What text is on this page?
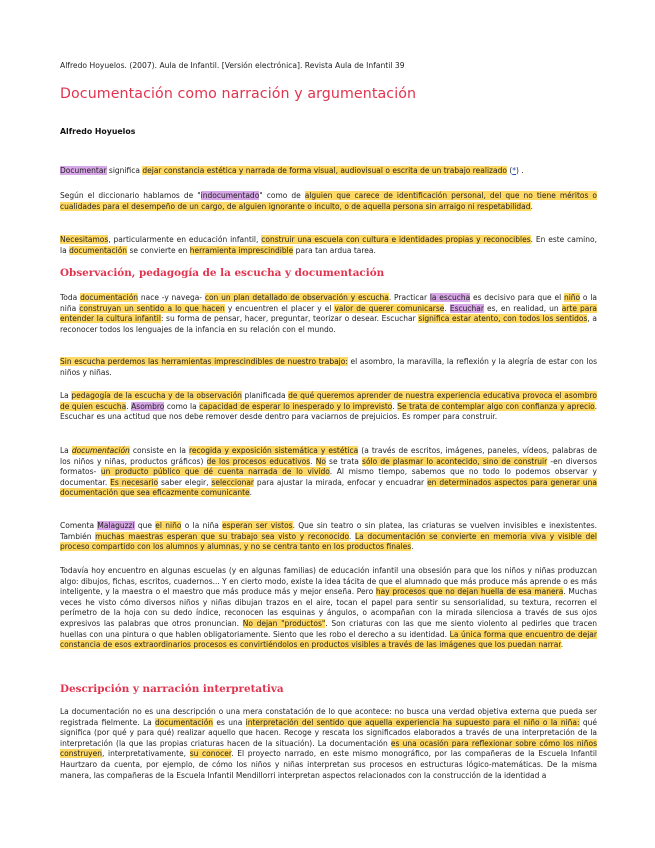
Alfredo Hoyuelos. (2007). Aula de Infantil. [Versión electrónica]. Revista Aula de Infantil 39
Documentación como narración y argumentación
Alfredo Hoyuelos

Documentar significa dejar constancia estética y narrada de forma visual, audiovisual o escrita de un trabajo realizado (*) .

Según el diccionario hablamos de "indocumentado" como de alguien que carece de identificación personal, del que no tiene méritos o cualidades para el desempeño de un cargo, de alguien ignorante o inculto, o de aquella persona sin arraigo ni respetabilidad.

Necesitamos, particularmente en educación infantil, construir una escuela con cultura e identidades propias y reconocibles. En este camino, la documentación se convierte en herramienta imprescindible para tan ardua tarea.

Observación, pedagogía de la escucha y documentación

Toda documentación nace -y navega- con un plan detallado de observación y escucha. Practicar la escucha es decisivo para que el niño o la niña construyan un sentido a lo que hacen y encuentren el placer y el valor de querer comunicarse. Escuchar es, en realidad, un arte para entender la cultura infantil: su forma de pensar, hacer, preguntar, teorizar o desear. Escuchar significa estar atento, con todos los sentidos, a reconocer todos los lenguajes de la infancia en su relación con el mundo.

Sin escucha perdemos las herramientas imprescindibles de nuestro trabajo: el asombro, la maravilla, la reflexión y la alegría de estar con los niños y niñas.

La pedagogía de la escucha y de la observación planificada de qué queremos aprender de nuestra experiencia educativa provoca el asombro de quien escucha. Asombro como la capacidad de esperar lo inesperado y lo imprevisto. Se trata de contemplar algo con confianza y aprecio. Escuchar es una actitud que nos debe remover desde dentro para vaciarnos de prejuicios. Es romper para construir.

La documentación consiste en la recogida y exposición sistemática y estética (a través de escritos, imágenes, paneles, vídeos, palabras de los niños y niñas, productos gráficos) de los procesos educativos. No se trata sólo de plasmar lo acontecido, sino de construir -en diversos formatos- un producto público que dé cuenta narrada de lo vivido. Al mismo tiempo, sabemos que no todo lo podemos observar y documentar. Es necesario saber elegir, seleccionar para ajustar la mirada, enfocar y encuadrar en determinados aspectos para generar una documentación que sea eficazmente comunicante.

Comenta Malaguzzi que el niño o la niña esperan ser vistos. Que sin teatro o sin platea, las criaturas se vuelven invisibles e inexistentes. También muchas maestras esperan que su trabajo sea visto y reconocido. La documentación se convierte en memoria viva y visible del proceso compartido con los alumnos y alumnas, y no se centra tanto en los productos finales.

Todavía hoy encuentro en algunas escuelas (y en algunas familias) de educación infantil una obsesión para que los niños y niñas produzcan algo: dibujos, fichas, escritos, cuadernos... Y en cierto modo, existe la idea tácita de que el alumnado que más produce más aprende o es más inteligente, y la maestra o el maestro que más produce más y mejor enseña. Pero hay procesos que no dejan huella de esa manera. Muchas veces he visto cómo diversos niños y niñas dibujan trazos en el aire, tocan el papel para sentir su sensorialidad, su textura, recorren el perímetro de la hoja con su dedo índice, reconocen las esquinas y ángulos, o acompañan con la mirada silenciosa a través de sus ojos expresivos las palabras que otros pronuncian. No dejan "productos". Son criaturas con las que me siento violento al pedirles que tracen huellas con una pintura o que hablen obligatoriamente. Siento que les robo el derecho a su identidad. La única forma que encuentro de dejar constancia de esos extraordinarios procesos es convirtiéndolos en productos visibles a través de las imágenes que los puedan narrar.

Descripción y narración interpretativa

La documentación no es una descripción o una mera constatación de lo que acontece: no busca una verdad objetiva externa que pueda ser registrada fielmente. La documentación es una interpretación del sentido que aquella experiencia ha supuesto para el niño o la niña: qué significa (por qué y para qué) realizar aquello que hacen. Recoge y rescata los significados elaborados a través de una interpretación de la interpretación (la que las propias criaturas hacen de la situación). La documentación es una ocasión para reflexionar sobre cómo los niños construyen, interpretativamente, su conocer. El proyecto narrado, en este mismo monográfico, por las compañeras de la Escuela Infantil Haurtzaro da cuenta, por ejemplo, de cómo los niños y niñas interpretan sus procesos en estructuras lógico-matemáticas. De la misma manera, las compañeras de la Escuela Infantil Mendillorri interpretan aspectos relacionados con la construcción de la identidad a
